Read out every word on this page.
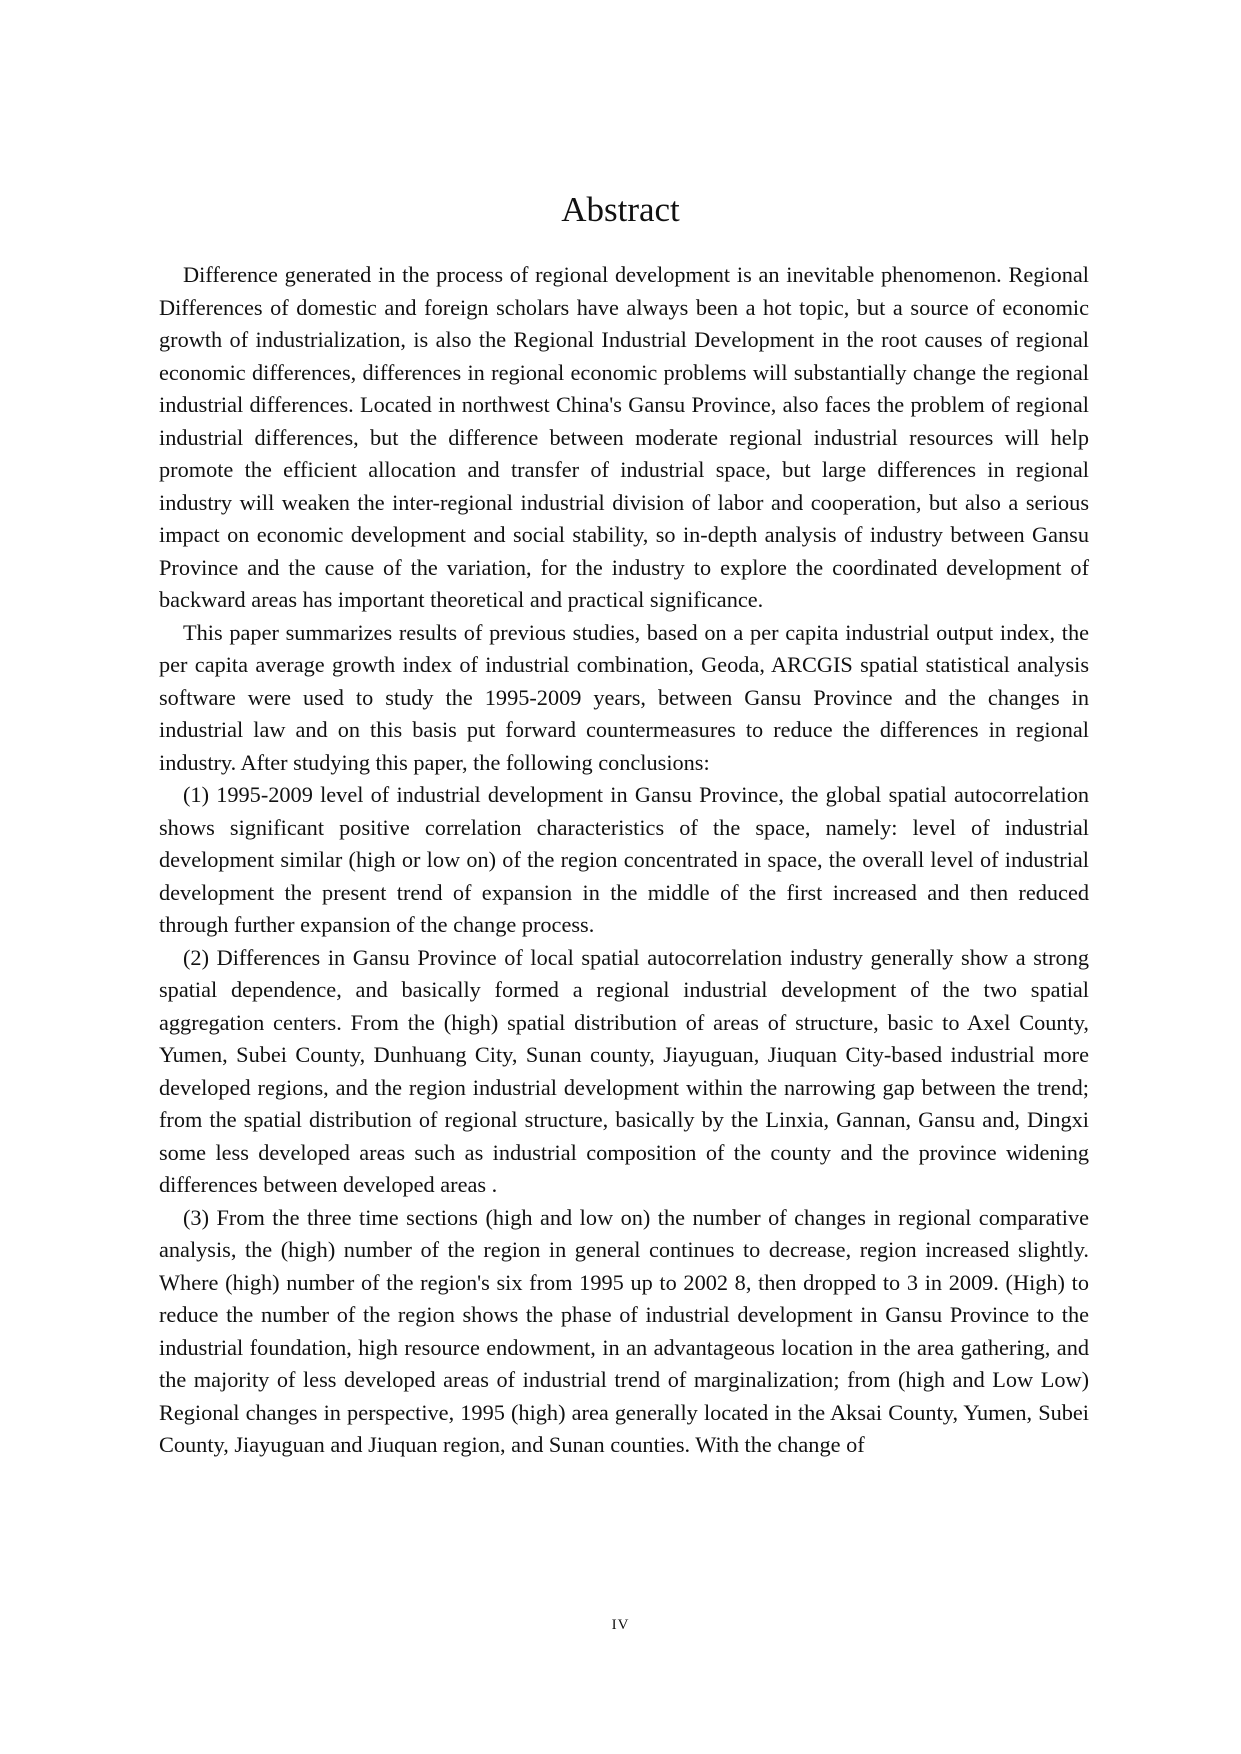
Abstract

Difference generated in the process of regional development is an inevitable phenomenon. Regional Differences of domestic and foreign scholars have always been a hot topic, but a source of economic growth of industrialization, is also the Regional Industrial Development in the root causes of regional economic differences, differences in regional economic problems will substantially change the regional industrial differences. Located in northwest China's Gansu Province, also faces the problem of regional industrial differences, but the difference between moderate regional industrial resources will help promote the efficient allocation and transfer of industrial space, but large differences in regional industry will weaken the inter-regional industrial division of labor and cooperation, but also a serious impact on economic development and social stability, so in-depth analysis of industry between Gansu Province and the cause of the variation, for the industry to explore the coordinated development of backward areas has important theoretical and practical significance.

This paper summarizes results of previous studies, based on a per capita industrial output index, the per capita average growth index of industrial combination, Geoda, ARCGIS spatial statistical analysis software were used to study the 1995-2009 years, between Gansu Province and the changes in industrial law and on this basis put forward countermeasures to reduce the differences in regional industry. After studying this paper, the following conclusions:

(1) 1995-2009 level of industrial development in Gansu Province, the global spatial autocorrelation shows significant positive correlation characteristics of the space, namely: level of industrial development similar (high or low on) of the region concentrated in space, the overall level of industrial development the present trend of expansion in the middle of the first increased and then reduced through further expansion of the change process.

(2) Differences in Gansu Province of local spatial autocorrelation industry generally show a strong spatial dependence, and basically formed a regional industrial development of the two spatial aggregation centers. From the (high) spatial distribution of areas of structure, basic to Axel County, Yumen, Subei County, Dunhuang City, Sunan county, Jiayuguan, Jiuquan City-based industrial more developed regions, and the region industrial development within the narrowing gap between the trend; from the spatial distribution of regional structure, basically by the Linxia, Gannan, Gansu and, Dingxi some less developed areas such as industrial composition of the county and the province widening differences between developed areas .

(3) From the three time sections (high and low on) the number of changes in regional comparative analysis, the (high) number of the region in general continues to decrease, region increased slightly. Where (high) number of the region's six from 1995 up to 2002 8, then dropped to 3 in 2009. (High) to reduce the number of the region shows the phase of industrial development in Gansu Province to the industrial foundation, high resource endowment, in an advantageous location in the area gathering, and the majority of less developed areas of industrial trend of marginalization; from (high and Low Low) Regional changes in perspective, 1995 (high) area generally located in the Aksai County, Yumen, Subei County, Jiayuguan and Jiuquan region, and Sunan counties. With the change of

IV
